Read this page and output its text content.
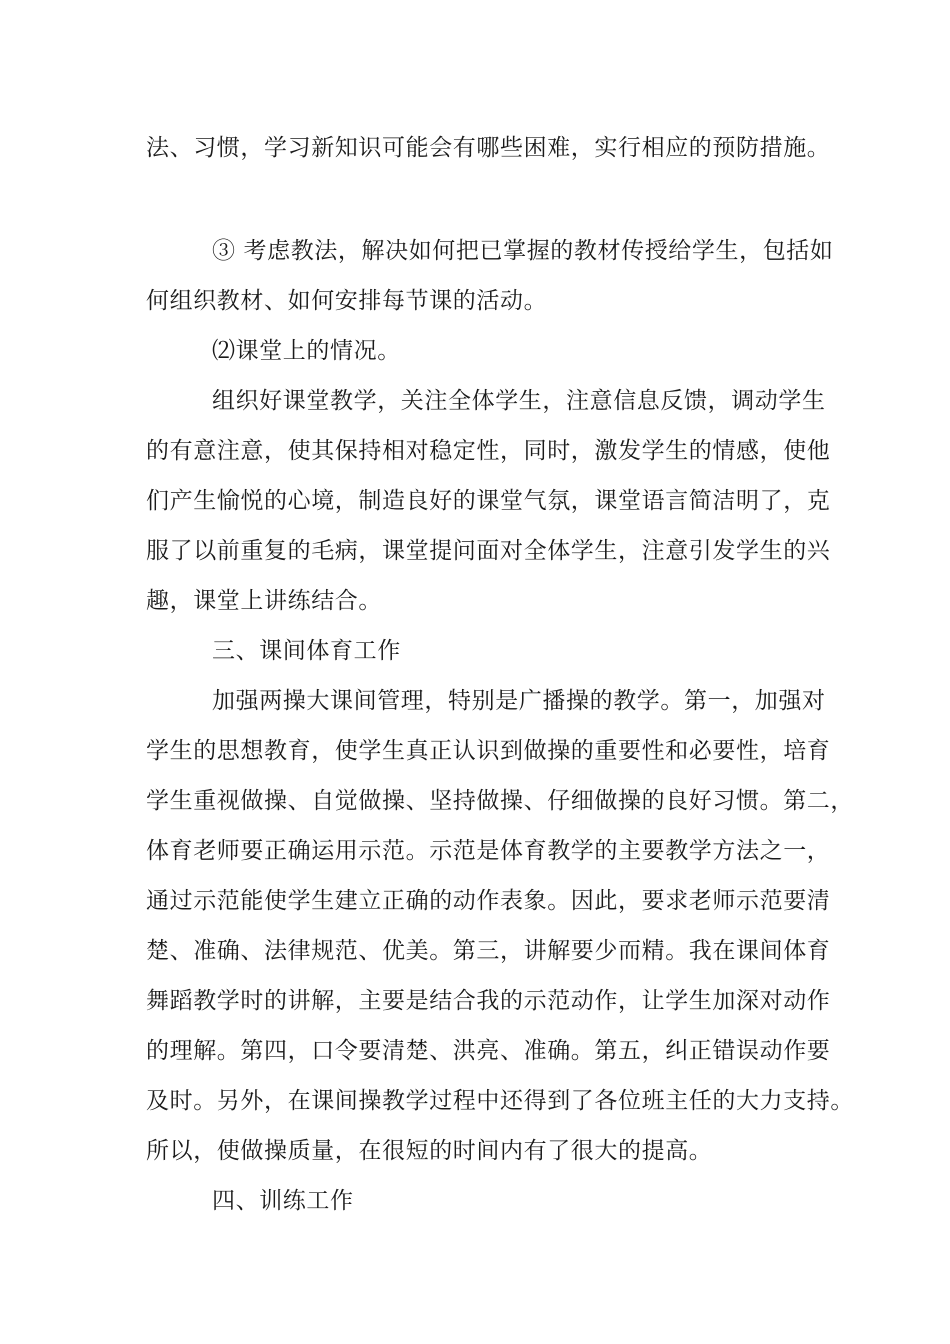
法、习惯，学习新知识可能会有哪些困难，实行相应的预防措施。
③ 考虑教法，解决如何把已掌握的教材传授给学生，包括如
何组织教材、如何安排每节课的活动。
⑵课堂上的情况。
组织好课堂教学，关注全体学生，注意信息反馈，调动学生
的有意注意，使其保持相对稳定性，同时，激发学生的情感，使他
们产生愉悦的心境，制造良好的课堂气氛，课堂语言简洁明了，克
服了以前重复的毛病，课堂提问面对全体学生，注意引发学生的兴
趣，课堂上讲练结合。
三、课间体育工作
加强两操大课间管理，特别是广播操的教学。第一，加强对
学生的思想教育，使学生真正认识到做操的重要性和必要性，培育
学生重视做操、自觉做操、坚持做操、仔细做操的良好习惯。第二，
体育老师要正确运用示范。示范是体育教学的主要教学方法之一，
通过示范能使学生建立正确的动作表象。因此，要求老师示范要清
楚、准确、法律规范、优美。第三，讲解要少而精。我在课间体育
舞蹈教学时的讲解，主要是结合我的示范动作，让学生加深对动作
的理解。第四，口令要清楚、洪亮、准确。第五，纠正错误动作要
及时。另外，在课间操教学过程中还得到了各位班主任的大力支持。
所以，使做操质量，在很短的时间内有了很大的提高。
四、训练工作
